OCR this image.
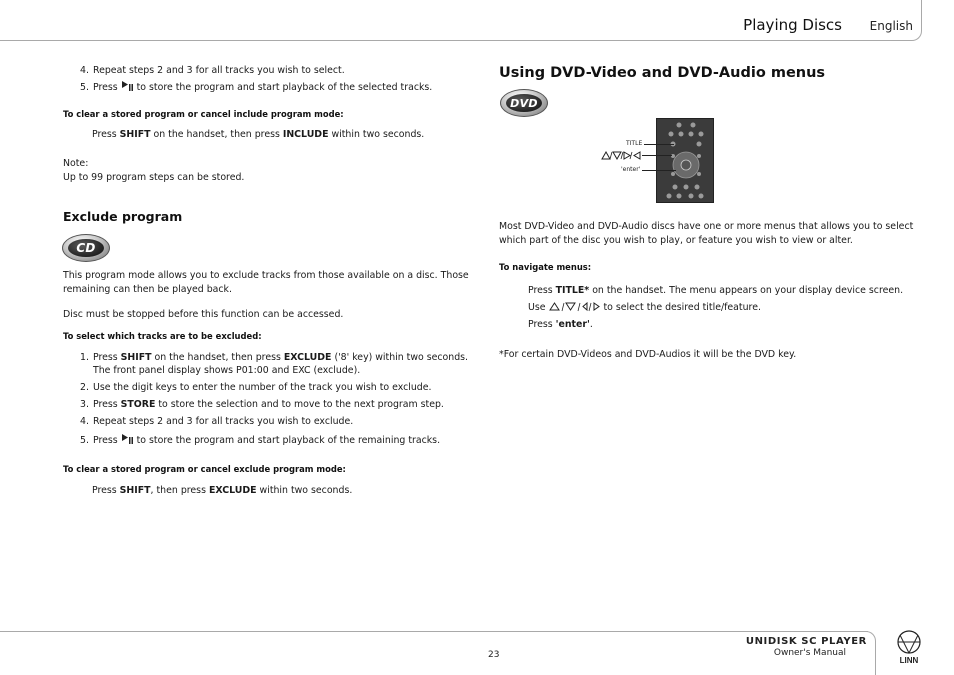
Playing Discs English
4. Repeat steps 2 and 3 for all tracks you wish to select.
5. Press  to store the program and start playback of the selected tracks.
To clear a stored program or cancel include program mode:
Press SHIFT on the handset, then press INCLUDE within two seconds.
Note:
Up to 99 program steps can be stored.
Exclude program
CD
This program mode allows you to exclude tracks from those available on a disc. Those
remaining can then be played back.
Disc must be stopped before this function can be accessed.
To select which tracks are to be excluded:
1. Press SHIFT on the handset, then press EXCLUDE ('8' key) within two seconds.
The front panel display shows P01:00 and EXC (exclude).
2. Use the digit keys to enter the number of the track you wish to exclude.
3. Press STORE to store the selection and to move to the next program step.
4. Repeat steps 2 and 3 for all tracks you wish to exclude.
5. Press  to store the program and start playback of the remaining tracks.
To clear a stored program or cancel exclude program mode:
Press SHIFT, then press EXCLUDE within two seconds.
Using DVD-Video and DVD-Audio menus
DVD
TITLE
'enter'
Most DVD-Video and DVD-Audio discs have one or more menus that allows you to select
which part of the disc you wish to play, or feature you wish to view or alter.
To navigate menus:
Press TITLE* on the handset. The menu appears on your display device screen.
Use	to select the desired title/feature.
Press 'enter'.
*For certain DVD-Videos and DVD-Audios it will be the DVD key.
UNIDISK SC PLAYER
Owner's Manual
23
LINN
